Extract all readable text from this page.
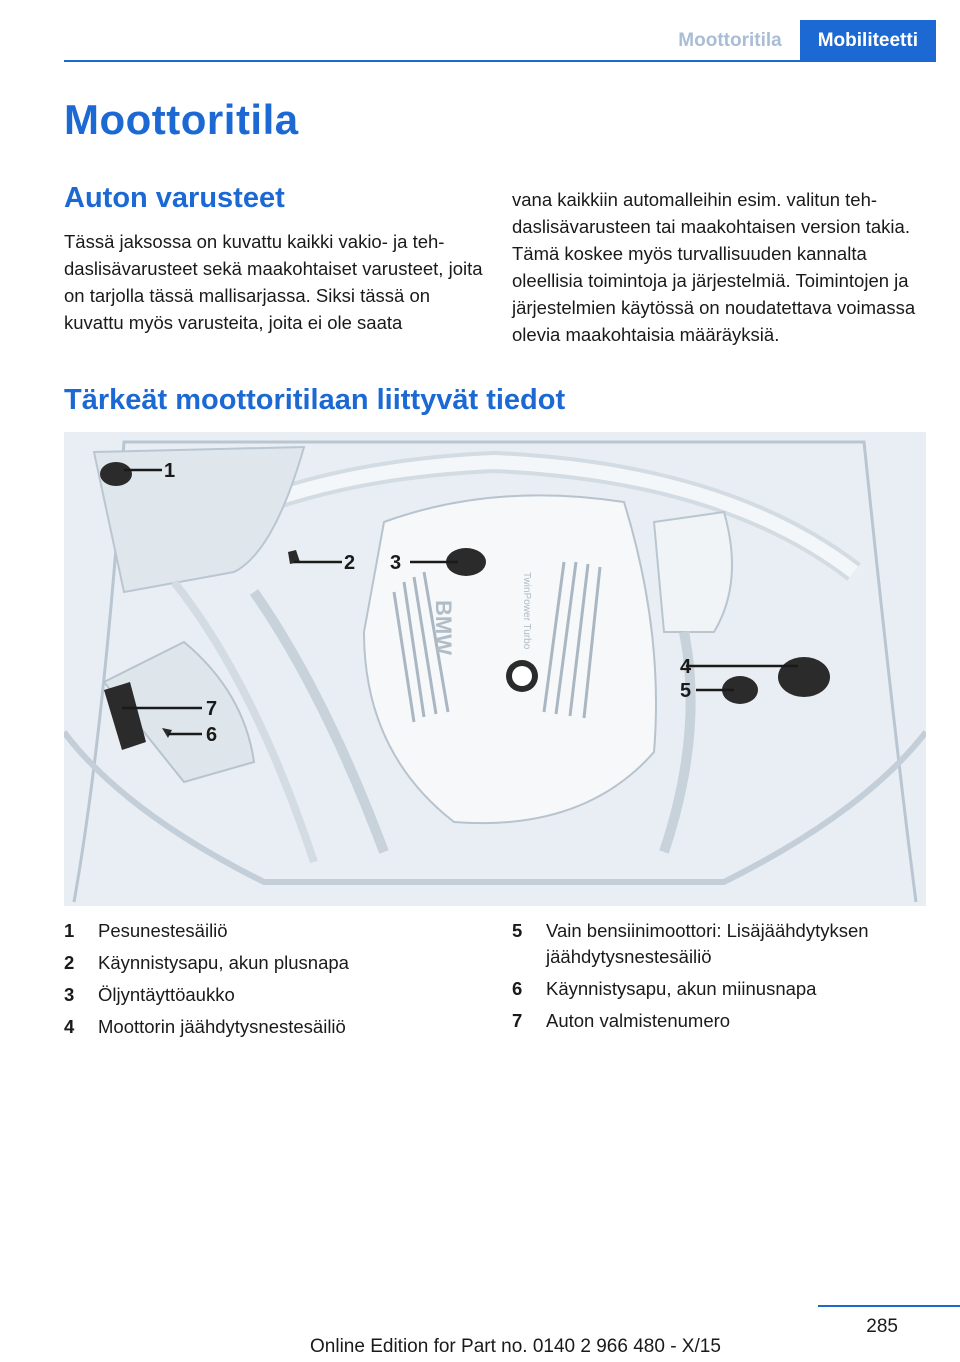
Moottoritila	Mobiliteetti
Moottoritila
Auton varusteet

Tässä jaksossa on kuvattu kaikki vakio- ja tehdaslisävarusteet sekä maakohtaiset varusteet, joita on tarjolla tässä mallisarjassa. Siksi tässä on kuvattu myös varusteita, joita ei ole saata

vana kaikkiin automalleihin esim. valitun tehdaslisävarusteen tai maakohtaisen version takia. Tämä koskee myös turvallisuuden kannalta oleellisia toimintoja ja järjestelmiä. Toimintojen ja järjestelmien käytössä on noudatettava voimassa olevia maakohtaisia määräyksiä.

Tärkeät moottoritilaan liittyvät tiedot
BMW	TwinPower Turbo
1
2 3
4
5
6
7
1	Pesunestesäiliö
2	Käynnistysapu, akun plusnapa
3	Öljyntäyttöaukko
4	Moottorin jäähdytysnestesäiliö
5	Vain bensiinimoottori: Lisäjäähdytyksen jäähdytysnestesäiliö
6	Käynnistysapu, akun miinusnapa
7	Auton valmistenumero
285
Online Edition for Part no. 0140 2 966 480 - X/15
